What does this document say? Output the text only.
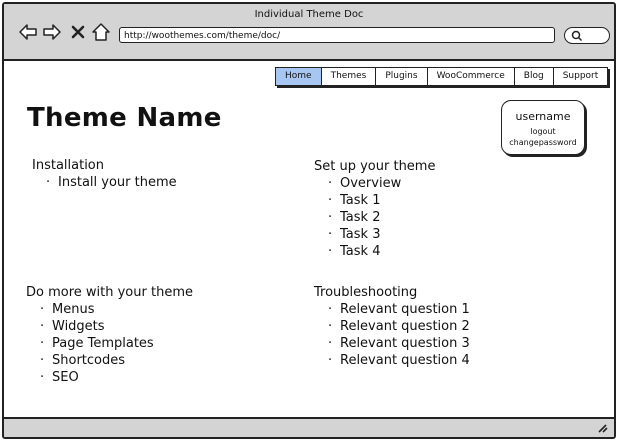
Individual Theme Doc
http://woothemes.com/theme/doc/
Home	Themes	Plugins	WooCommerce	Blog	Support
Theme Name	username
logout
changepassword
Installation
· Install your theme
Set up your theme
· Overview
· Task 1
· Task 2
· Task 3
· Task 4
Do more with your theme
· Menus
· Widgets
· Page Templates
· Shortcodes
· SEO
Troubleshooting
· Relevant question 1
· Relevant question 2
· Relevant question 3
· Relevant question 4
